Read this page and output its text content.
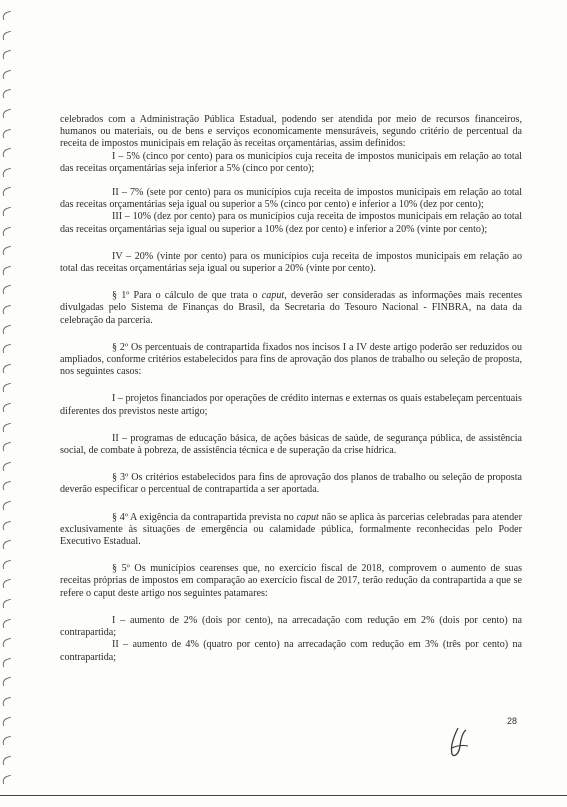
celebrados com a Administração Pública Estadual, podendo ser atendida por meio de recursos financeiros, humanos ou materiais, ou de bens e serviços economicamente mensuráveis, segundo critério de percentual da receita de impostos municipais em relação às receitas orçamentárias, assim definidos:

I – 5% (cinco por cento) para os municípios cuja receita de impostos municipais em relação ao total das receitas orçamentárias seja inferior a 5% (cinco por cento);

II – 7% (sete por cento) para os municípios cuja receita de impostos municipais em relação ao total das receitas orçamentárias seja igual ou superior a 5% (cinco por cento) e inferior a 10% (dez por cento);

III – 10% (dez por cento) para os municípios cuja receita de impostos municipais em relação ao total das receitas orçamentárias seja igual ou superior a 10% (dez por cento) e inferior a 20% (vinte por cento);

IV – 20% (vinte por cento) para os municípios cuja receita de impostos municipais em relação ao total das receitas orçamentárias seja igual ou superior a 20% (vinte por cento).

§ 1º Para o cálculo de que trata o caput, deverão ser consideradas as informações mais recentes divulgadas pelo Sistema de Finanças do Brasil, da Secretaria do Tesouro Nacional - FINBRA, na data da celebração da parceria.

§ 2º Os percentuais de contrapartida fixados nos incisos I a IV deste artigo poderão ser reduzidos ou ampliados, conforme critérios estabelecidos para fins de aprovação dos planos de trabalho ou seleção de proposta, nos seguintes casos:

I – projetos financiados por operações de crédito internas e externas os quais estabeleçam percentuais diferentes dos previstos neste artigo;

II – programas de educação básica, de ações básicas de saúde, de segurança pública, de assistência social, de combate à pobreza, de assistência técnica e de superação da crise hídrica.

§ 3º Os critérios estabelecidos para fins de aprovação dos planos de trabalho ou seleção de proposta deverão especificar o percentual de contrapartida a ser aportada.

§ 4º A exigência da contrapartida prevista no caput não se aplica às parcerias celebradas para atender exclusivamente às situações de emergência ou calamidade pública, formalmente reconhecidas pelo Poder Executivo Estadual.

§ 5º Os municípios cearenses que, no exercício fiscal de 2018, comprovem o aumento de suas receitas próprias de impostos em comparação ao exercício fiscal de 2017, terão redução da contrapartida a que se refere o caput deste artigo nos seguintes patamares:

I – aumento de 2% (dois por cento), na arrecadação com redução em 2% (dois por cento) na contrapartida;

II – aumento de 4% (quatro por cento) na arrecadação com redução em 3% (três por cento) na contrapartida;

28
